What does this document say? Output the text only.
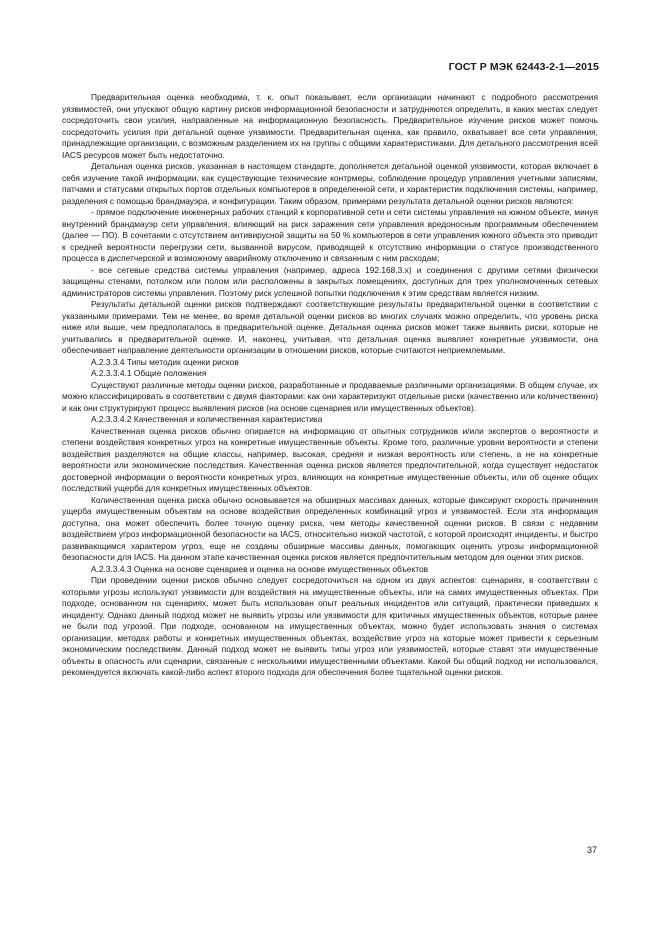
ГОСТ Р МЭК 62443-2-1—2015

Предварительная оценка необходима, т. к. опыт показывает, если организации начинают с подробного рассмотрения уязвимостей, они упускают общую картину рисков информационной безопасности и затрудняются определить, в каких местах следует сосредоточить свои усилия, направленные на информационную безопасность. Предварительное изучение рисков может помочь сосредоточить усилия при детальной оценке уязвимости. Предварительная оценка, как правило, охватывает все сети управления, принадлежащие организации, с возможным разделением их на группы с общими характеристиками. Для детального рассмотрения всей IACS ресурсов может быть недостаточно.

Детальная оценка рисков, указанная в настоящем стандарте, дополняется детальной оценкой уязвимости, которая включает в себя изучение такой информации, как существующие технические контрмеры, соблюдение процедур управления учетными записями, патчами и статусами открытых портов отдельных компьютеров в определенной сети, и характеристик подключения системы, например, разделения с помощью брандмауэра, и конфигурации. Таким образом, примерами результата детальной оценки рисков являются:

- прямое подключение инженерных рабочих станций к корпоративной сети и сети системы управления на южном объекте, минуя внутренний брандмауэр сети управления, влияющий на риск заражения сети управления вредоносным программным обеспечением (далее — ПО). В сочетании с отсутствием антивирусной защиты на 50 % компьютеров в сети управления южного объекта это приводит к средней вероятности перегрузки сети, вызванной вирусом, приводящей к отсутствию информации о статусе производственного процесса в диспетчерской и возможному аварийному отключению и связанным с ним расходам;

- все сетевые средства системы управления (например, адреса 192.168.3.x) и соединения с другими сетями физически защищены стенами, потолком или полом или расположены в закрытых помещениях, доступных для трех уполномоченных сетевых администраторов системы управления. Поэтому риск успешной попытки подключения к этим средствам является низким.

Результаты детальной оценки рисков подтверждают соответствующие результаты предварительной оценки в соответствии с указанными примерами. Тем не менее, во время детальной оценки рисков во многих случаях можно определить, что уровень риска ниже или выше, чем предполагалось в предварительной оценке. Детальная оценка рисков может также выявить риски, которые не учитывались в предварительной оценке. И, наконец, учитывая, что детальная оценка выявляет конкретные уязвимости, она обеспечивает направление деятельности организации в отношении рисков, которые считаются неприемлемыми.

А.2.3.3.4 Типы методик оценки рисков

А.2.3.3.4.1 Общие положения

Существуют различные методы оценки рисков, разработанные и продаваемые различными организациями. В общем случае, их можно классифицировать в соответствии с двумя факторами: как они характеризуют отдельные риски (качественно или количественно) и как они структурируют процесс выявления рисков (на основе сценариев или имущественных объектов).

А.2.3.3.4.2 Качественная и количественная характеристика

Качественная оценка рисков обычно опирается на информацию от опытных сотрудников и/или экспертов о вероятности и степени воздействия конкретных угроз на конкретные имущественные объекты. Кроме того, различные уровни вероятности и степени воздействия разделяются на общие классы, например, высокая, средняя и низкая вероятность или степень, а не на конкретные вероятности или экономические последствия. Качественная оценка рисков является предпочтительной, когда существует недостаток достоверной информации о вероятности конкретных угроз, влияющих на конкретные имущественные объекты, или об оценке общих последствий ущерба для конкретных имущественных объектов.

Количественная оценка риска обычно основывается на обширных массивах данных, которые фиксируют скорость причинения ущерба имущественным объектам на основе воздействия определенных комбинаций угроз и уязвимостей. Если эта информация доступна, она может обеспечить более точную оценку риска, чем методы качественной оценки рисков. В связи с недавним воздействием угроз информационной безопасности на IACS, относительно низкой частотой, с которой происходят инциденты, и быстро развивающимся характером угроз, еще не созданы обширные массивы данных, помогающих оценить угрозы информационной безопасности для IACS. На данном этапе качественная оценка рисков является предпочтительным методом для оценки этих рисков.

А.2.3.3.4.3 Оценка на основе сценариев и оценка на основе имущественных объектов

При проведении оценки рисков обычно следует сосредоточиться на одном из двух аспектов: сценариях, в соответствии с которыми угрозы используют уязвимости для воздействия на имущественные объекты, или на самих имущественных объектах. При подходе, основанном на сценариях, может быть использован опыт реальных инцидентов или ситуаций, практически приведших к инциденту. Однако данный подход может не выявить угрозы или уязвимости для критичных имущественных объектов, которые ранее не были под угрозой. При подходе, основанном на имущественных объектах, можно будет использовать знания о системах организации, методах работы и конкретных имущественных объектах, воздействие угроз на которые может привести к серьезным экономическим последствиям. Данный подход может не выявить типы угроз или уязвимостей, которые ставят эти имущественные объекты в опасность или сценарии, связанные с несколькими имущественными объектами. Какой бы общий подход ни использовался, рекомендуется включать какой-либо аспект второго подхода для обеспечения более тщательной оценки рисков.

37
